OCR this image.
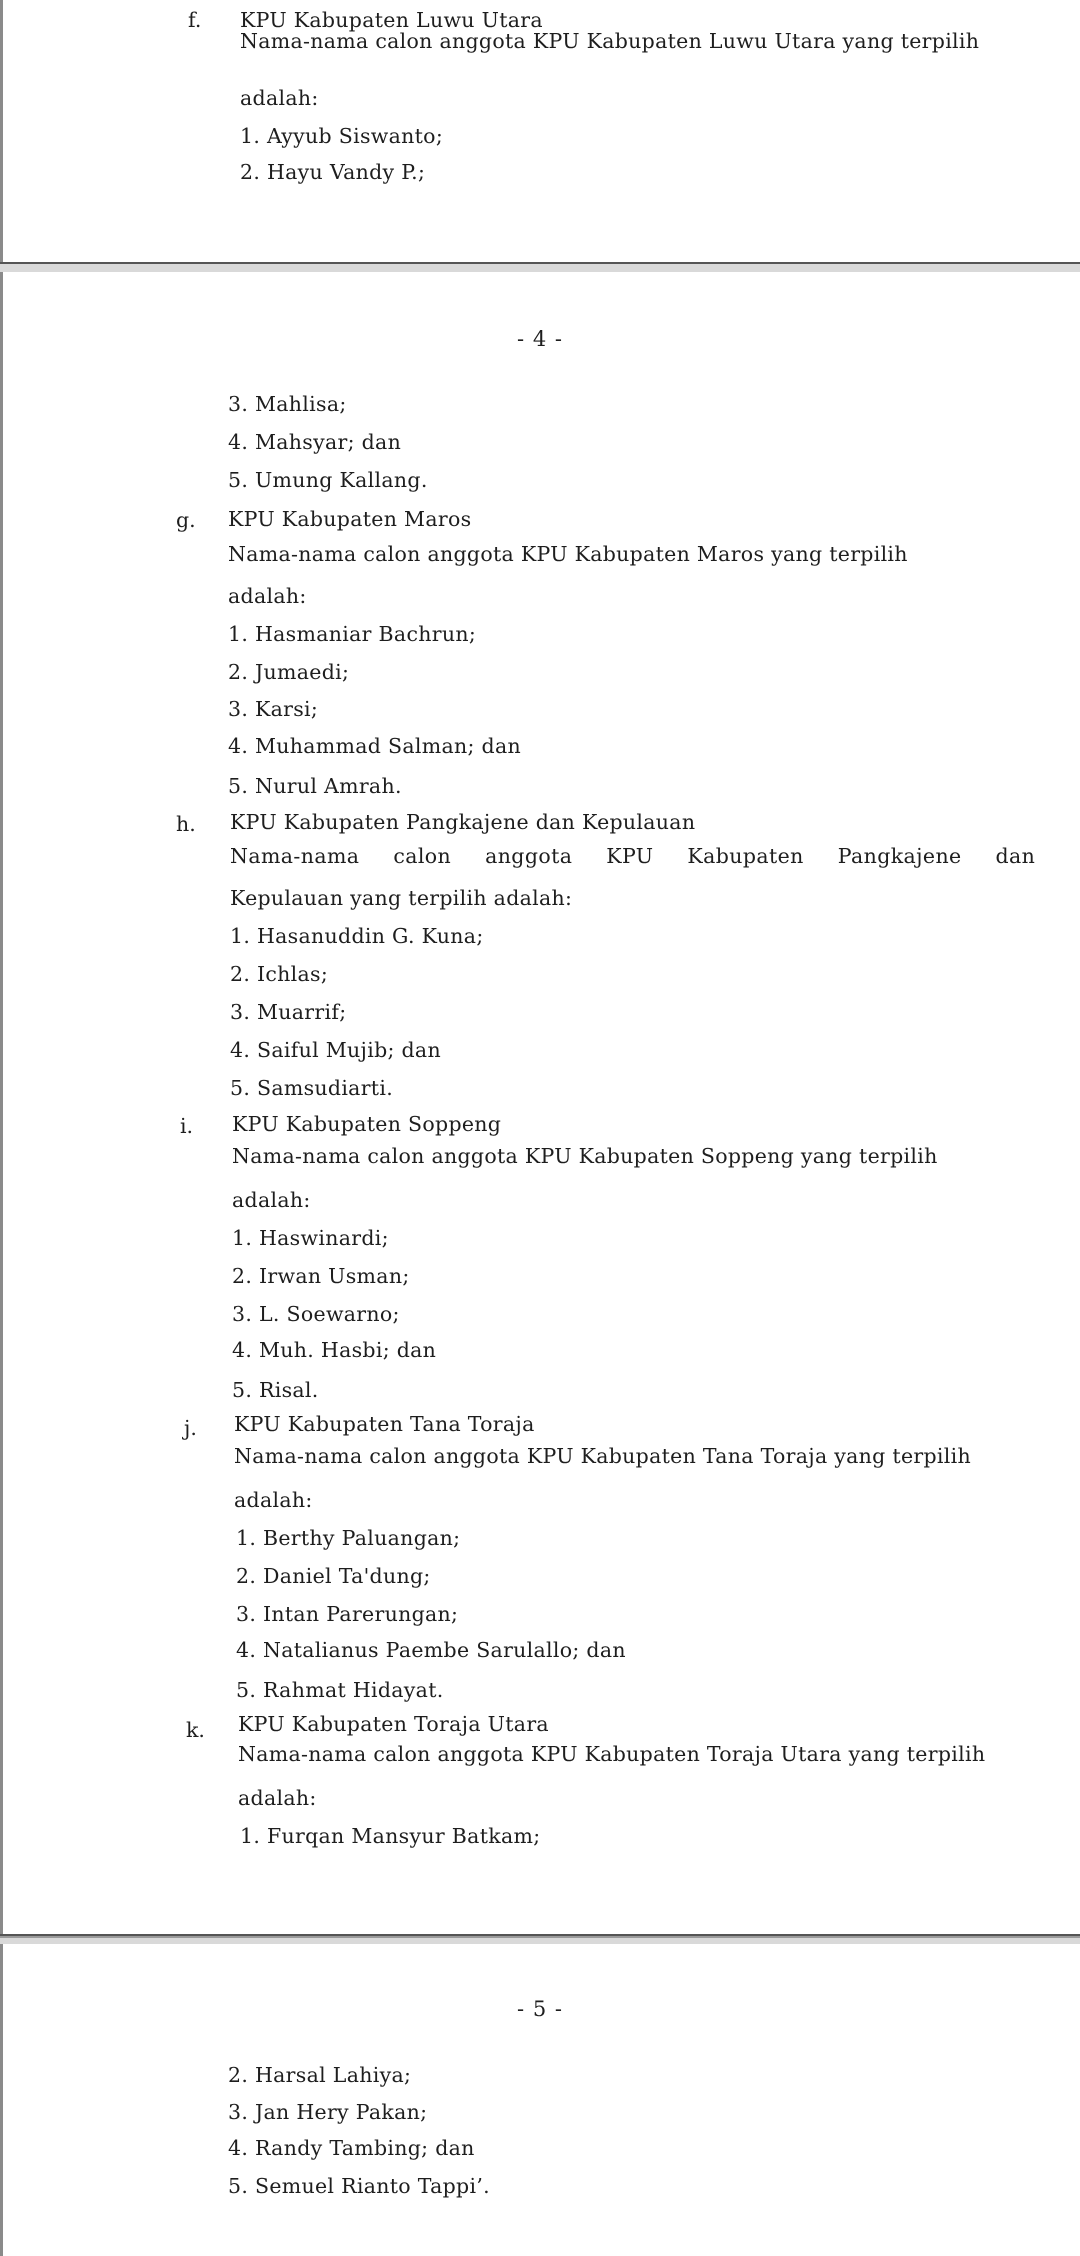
f. KPU Kabupaten Luwu Utara
Nama-nama calon anggota KPU Kabupaten Luwu Utara yang terpilih
adalah:
1. Ayyub Siswanto;
2. Hayu Vandy P.;
- 4 -
3. Mahlisa;
4. Mahsyar; dan
5. Umung Kallang.
g. KPU Kabupaten Maros
Nama-nama calon anggota KPU Kabupaten Maros yang terpilih
adalah:
1. Hasmaniar Bachrun;
2. Jumaedi;
3. Karsi;
4. Muhammad Salman; dan
5. Nurul Amrah.
h. KPU Kabupaten Pangkajene dan Kepulauan
Nama-nama calon anggota KPU Kabupaten Pangkajene dan
Kepulauan yang terpilih adalah:
1. Hasanuddin G. Kuna;
2. Ichlas;
3. Muarrif;
4. Saiful Mujib; dan
5. Samsudiarti.
i. KPU Kabupaten Soppeng
Nama-nama calon anggota KPU Kabupaten Soppeng yang terpilih
adalah:
1. Haswinardi;
2. Irwan Usman;
3. L. Soewarno;
4. Muh. Hasbi; dan
5. Risal.
j. KPU Kabupaten Tana Toraja
Nama-nama calon anggota KPU Kabupaten Tana Toraja yang terpilih
adalah:
1. Berthy Paluangan;
2. Daniel Ta'dung;
3. Intan Parerungan;
4. Natalianus Paembe Sarulallo; dan
5. Rahmat Hidayat.
k. KPU Kabupaten Toraja Utara
Nama-nama calon anggota KPU Kabupaten Toraja Utara yang terpilih
adalah:
1. Furqan Mansyur Batkam;
- 5 -
2. Harsal Lahiya;
3. Jan Hery Pakan;
4. Randy Tambing; dan
5. Semuel Rianto Tappi’.
